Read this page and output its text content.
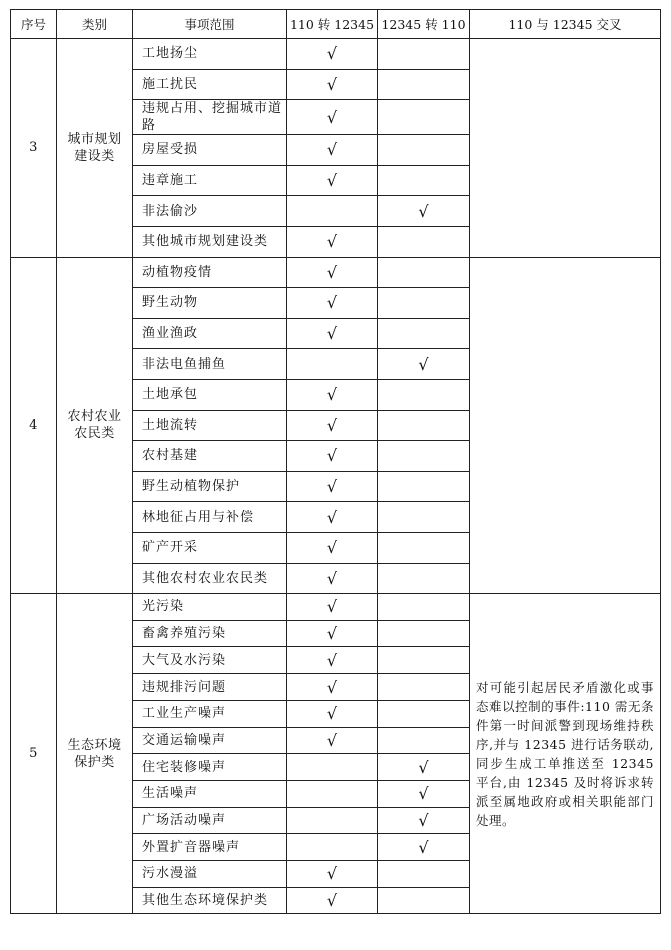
序号	类别	事项范围	110 转 12345	12345 转 110	110 与 12345 交叉
3	城市规划建设类	工地扬尘	√		
		施工扰民	√		
		违规占用、挖掘城市道路	√		
		房屋受损	√		
		违章施工	√		
		非法偷沙		√	
		其他城市规划建设类	√		
4	农村农业农民类	动植物疫情	√		
		野生动物	√		
		渔业渔政	√		
		非法电鱼捕鱼		√	
		土地承包	√		
		土地流转	√		
		农村基建	√		
		野生动植物保护	√		
		林地征占用与补偿	√		
		矿产开采	√		
		其他农村农业农民类	√		
5	生态环境保护类	光污染	√		对可能引起居民矛盾激化或事态难以控制的事件:110 需无条件第一时间派警到现场维持秩序,并与 12345 进行话务联动,同步生成工单推送至 12345 平台,由 12345 及时将诉求转派至属地政府或相关职能部门处理。
		畜禽养殖污染	√		
		大气及水污染	√		
		违规排污问题	√		
		工业生产噪声	√		
		交通运输噪声	√		
		住宅装修噪声		√	
		生活噪声		√	
		广场活动噪声		√	
		外置扩音器噪声		√	
		污水漫溢	√		
		其他生态环境保护类	√		
